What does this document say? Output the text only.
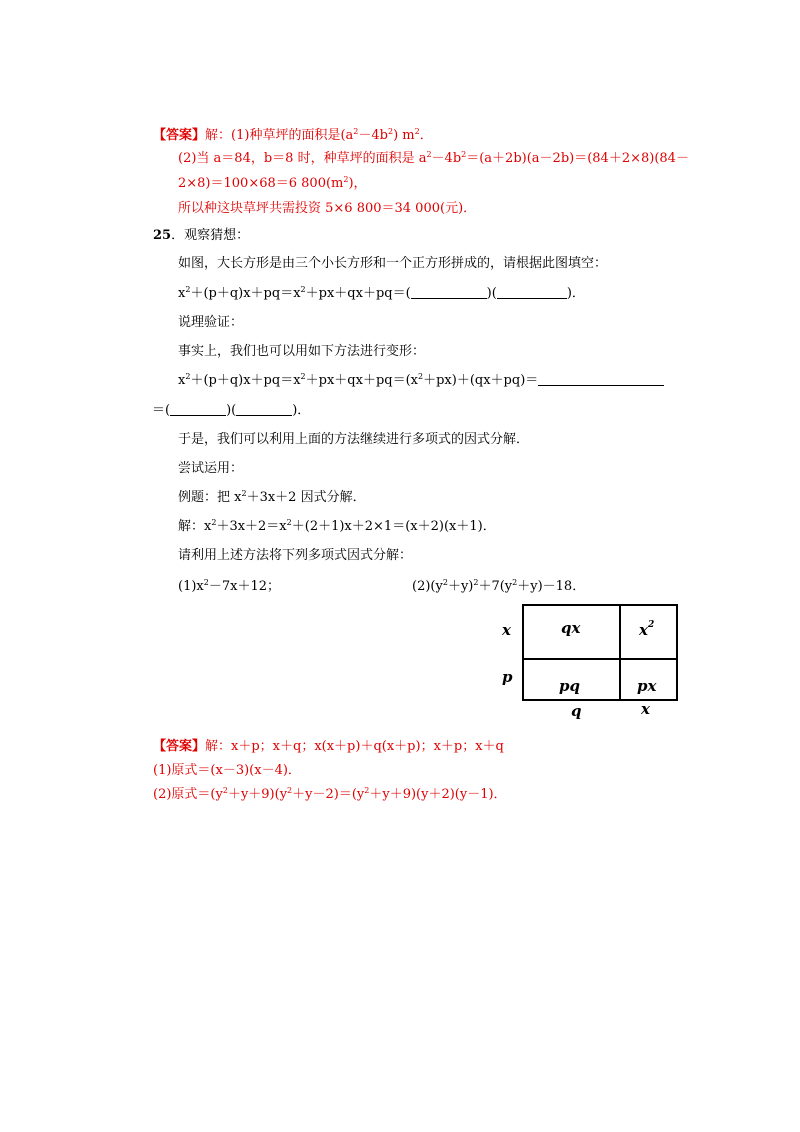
【答案】解：(1)种草坪的面积是$(a^2-4b^2)$ $m^2$．
(2)当 a＝84，b＝8 时，种草坪的面积是 $a^2-4b^2=(a+2b)(a-2b)=(84+2\times 8)(84-$
2×8)＝100×68＝6 $800(m^2)$，
所以种这块草坪共需投资 5×6 800＝34 000(元)．
25．观察猜想：
如图，大长方形是由三个小长方形和一个正方形拼成的，请根据此图填空：
$x^2+(p+q)x+pq=x^2+px+qx+pq=$(	)(	)．
说理验证：
事实上，我们也可以用如下方法进行变形：
$x^2+(p+q)x+pq=x^2+px+qx+pq=(x^2+px)+(qx+pq)=$
＝(	)(	)．
于是，我们可以利用上面的方法继续进行多项式的因式分解．
尝试运用：
例题：把 $x^2+3x+2$ 因式分解．
解：$x^2+3x+2=x^2+(2+1)x+2\times 1=(x+2)(x+1)$．
请利用上述方法将下列多项式因式分解：
$(1)x^2-7x+12$；	$(2)(y^2+y)^2+7(y^2+y)-18$．
qx	$x^2$
pq	px
x
p
q	x
【答案】解：x＋p；x＋q；x(x＋p)＋q(x＋p)；x＋p；x＋q
(1)原式＝(x－3)(x－4)．
(2)原式$=(y^2+y+9)(y^2+y-2)=(y^2+y+9)(y+2)(y-1)$．
